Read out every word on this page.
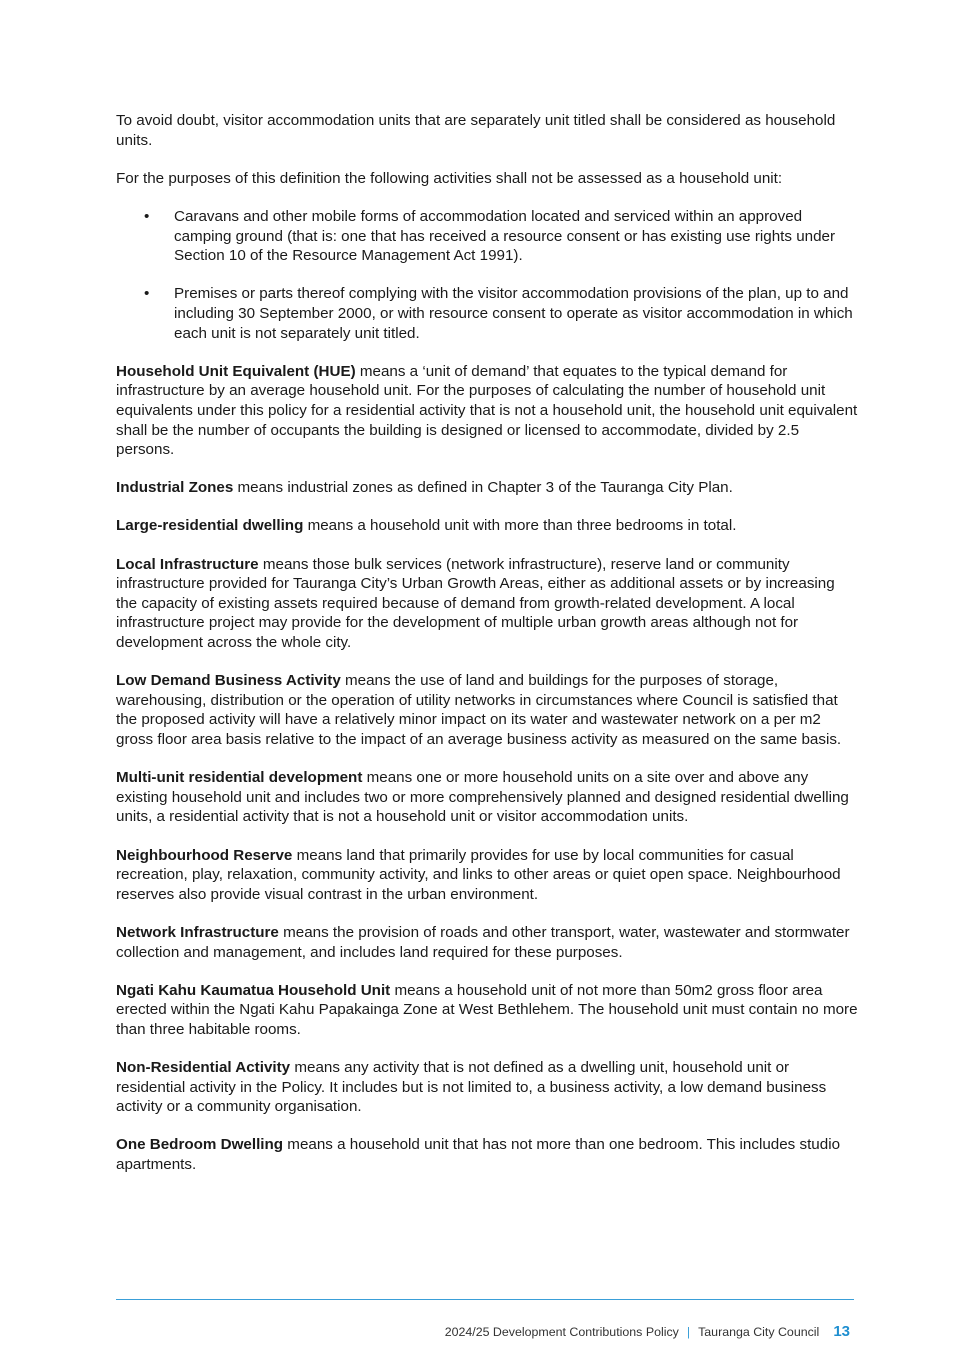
To avoid doubt, visitor accommodation units that are separately unit titled shall be considered as household units.

For the purposes of this definition the following activities shall not be assessed as a household unit:

• Caravans and other mobile forms of accommodation located and serviced within an approved camping ground (that is: one that has received a resource consent or has existing use rights under Section 10 of the Resource Management Act 1991).
• Premises or parts thereof complying with the visitor accommodation provisions of the plan, up to and including 30 September 2000, or with resource consent to operate as visitor accommodation in which each unit is not separately unit titled.

Household Unit Equivalent (HUE) means a ‘unit of demand’ that equates to the typical demand for infrastructure by an average household unit. For the purposes of calculating the number of household unit equivalents under this policy for a residential activity that is not a household unit, the household unit equivalent shall be the number of occupants the building is designed or licensed to accommodate, divided by 2.5 persons.

Industrial Zones means industrial zones as defined in Chapter 3 of the Tauranga City Plan.

Large-residential dwelling means a household unit with more than three bedrooms in total.

Local Infrastructure means those bulk services (network infrastructure), reserve land or community infrastructure provided for Tauranga City’s Urban Growth Areas, either as additional assets or by increasing the capacity of existing assets required because of demand from growth-related development. A local infrastructure project may provide for the development of multiple urban growth areas although not for development across the whole city.

Low Demand Business Activity means the use of land and buildings for the purposes of storage, warehousing, distribution or the operation of utility networks in circumstances where Council is satisfied that the proposed activity will have a relatively minor impact on its water and wastewater network on a per m2 gross floor area basis relative to the impact of an average business activity as measured on the same basis.

Multi-unit residential development means one or more household units on a site over and above any existing household unit and includes two or more comprehensively planned and designed residential dwelling units, a residential activity that is not a household unit or visitor accommodation units.

Neighbourhood Reserve means land that primarily provides for use by local communities for casual recreation, play, relaxation, community activity, and links to other areas or quiet open space. Neighbourhood reserves also provide visual contrast in the urban environment.

Network Infrastructure means the provision of roads and other transport, water, wastewater and stormwater collection and management, and includes land required for these purposes.

Ngati Kahu Kaumatua Household Unit means a household unit of not more than 50m2 gross floor area erected within the Ngati Kahu Papakainga Zone at West Bethlehem. The household unit must contain no more than three habitable rooms.

Non-Residential Activity means any activity that is not defined as a dwelling unit, household unit or residential activity in the Policy. It includes but is not limited to, a business activity, a low demand business activity or a community organisation.

One Bedroom Dwelling means a household unit that has not more than one bedroom. This includes studio apartments.

2024/25 Development Contributions Policy | Tauranga City Council 13
